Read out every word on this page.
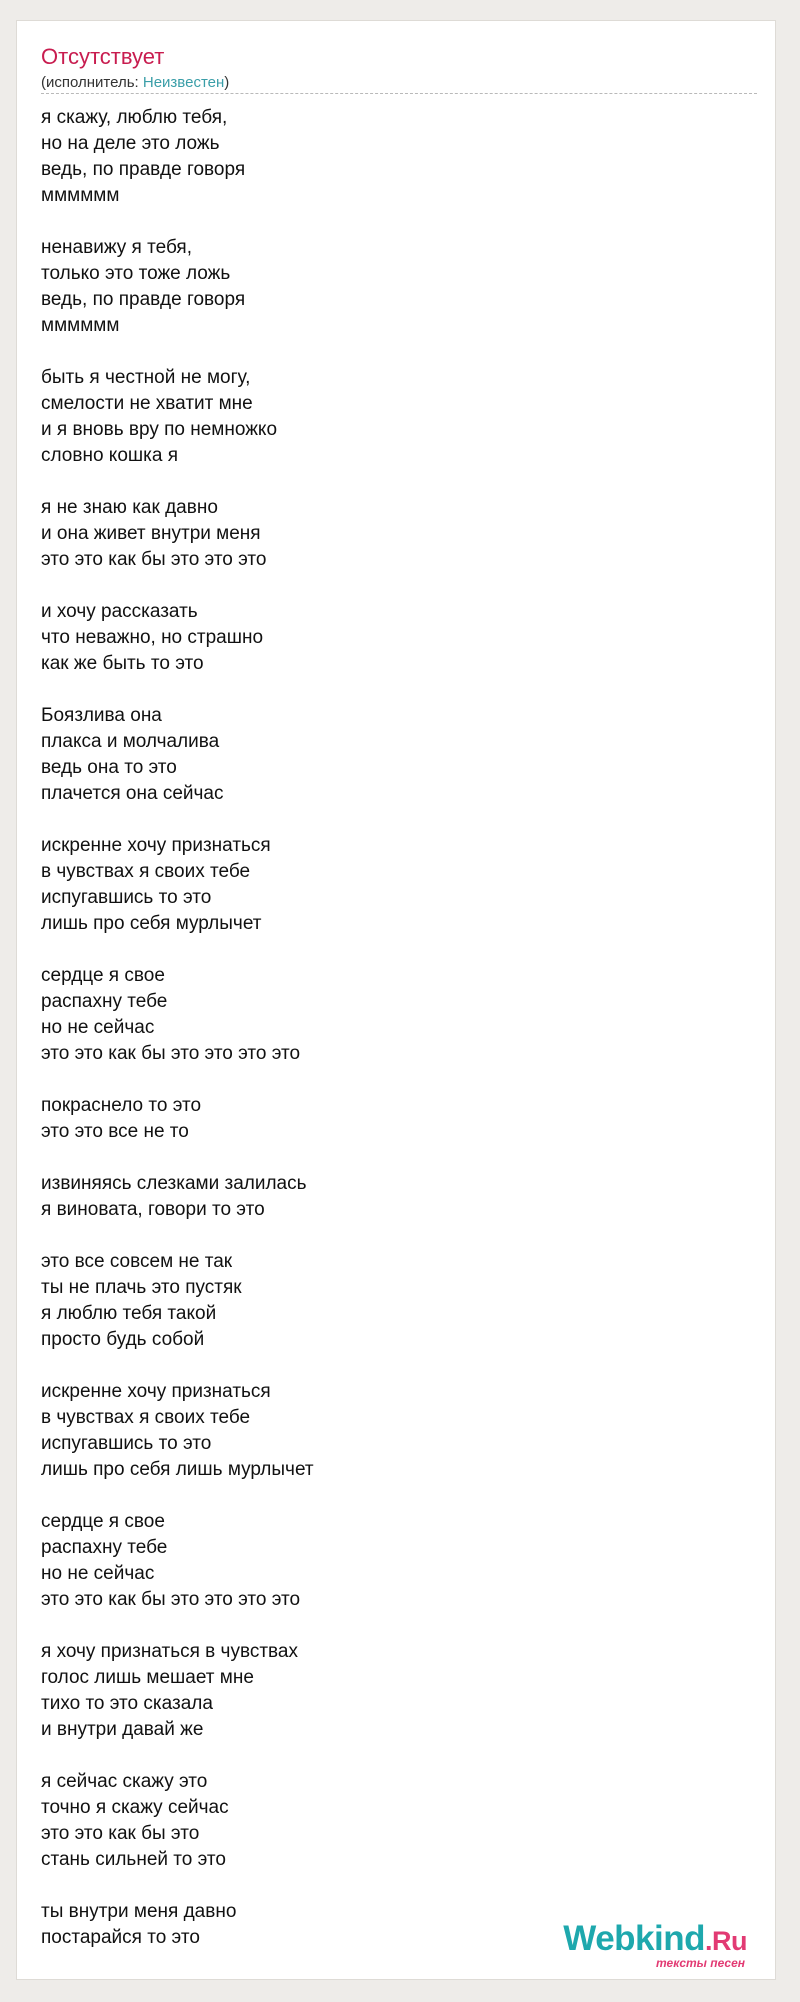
Отсутствует
(исполнитель: Неизвестен)
я скажу, люблю тебя,
но на деле это ложь
ведь, по правде говоря
мммммм
ненавижу я тебя,
только это тоже ложь
ведь, по правде говоря
мммммм
быть я честной не могу,
смелости не хватит мне
и я вновь вру по немножко
словно кошка я
я не знаю как давно
и она живет внутри меня
это это как бы это это это
и хочу рассказать
что неважно, но страшно
как же быть то это
Боязлива она
плакса и молчалива
ведь она то это
плачется она сейчас
искренне хочу признаться
в чувствах я своих тебе
испугавшись то это
лишь про себя мурлычет
сердце я свое
распахну тебе
но не сейчас
это это как бы это это это это
покраснело то это
это это все не то
извиняясь слезками залилась
я виновата, говори то это
это все совсем не так
ты не плачь это пустяк
я люблю тебя такой
просто будь собой
искренне хочу признаться
в чувствах я своих тебе
испугавшись то это
лишь про себя лишь мурлычет
сердце я свое
распахну тебе
но не сейчас
это это как бы это это это это
я хочу признаться в чувствах
голос лишь мешает мне
тихо то это сказала
и внутри давай же
я сейчас скажу это
точно я скажу сейчас
это это как бы это
стань сильней то это
ты внутри меня давно
постарайся то это	Webkind.Ru
тексты песен
